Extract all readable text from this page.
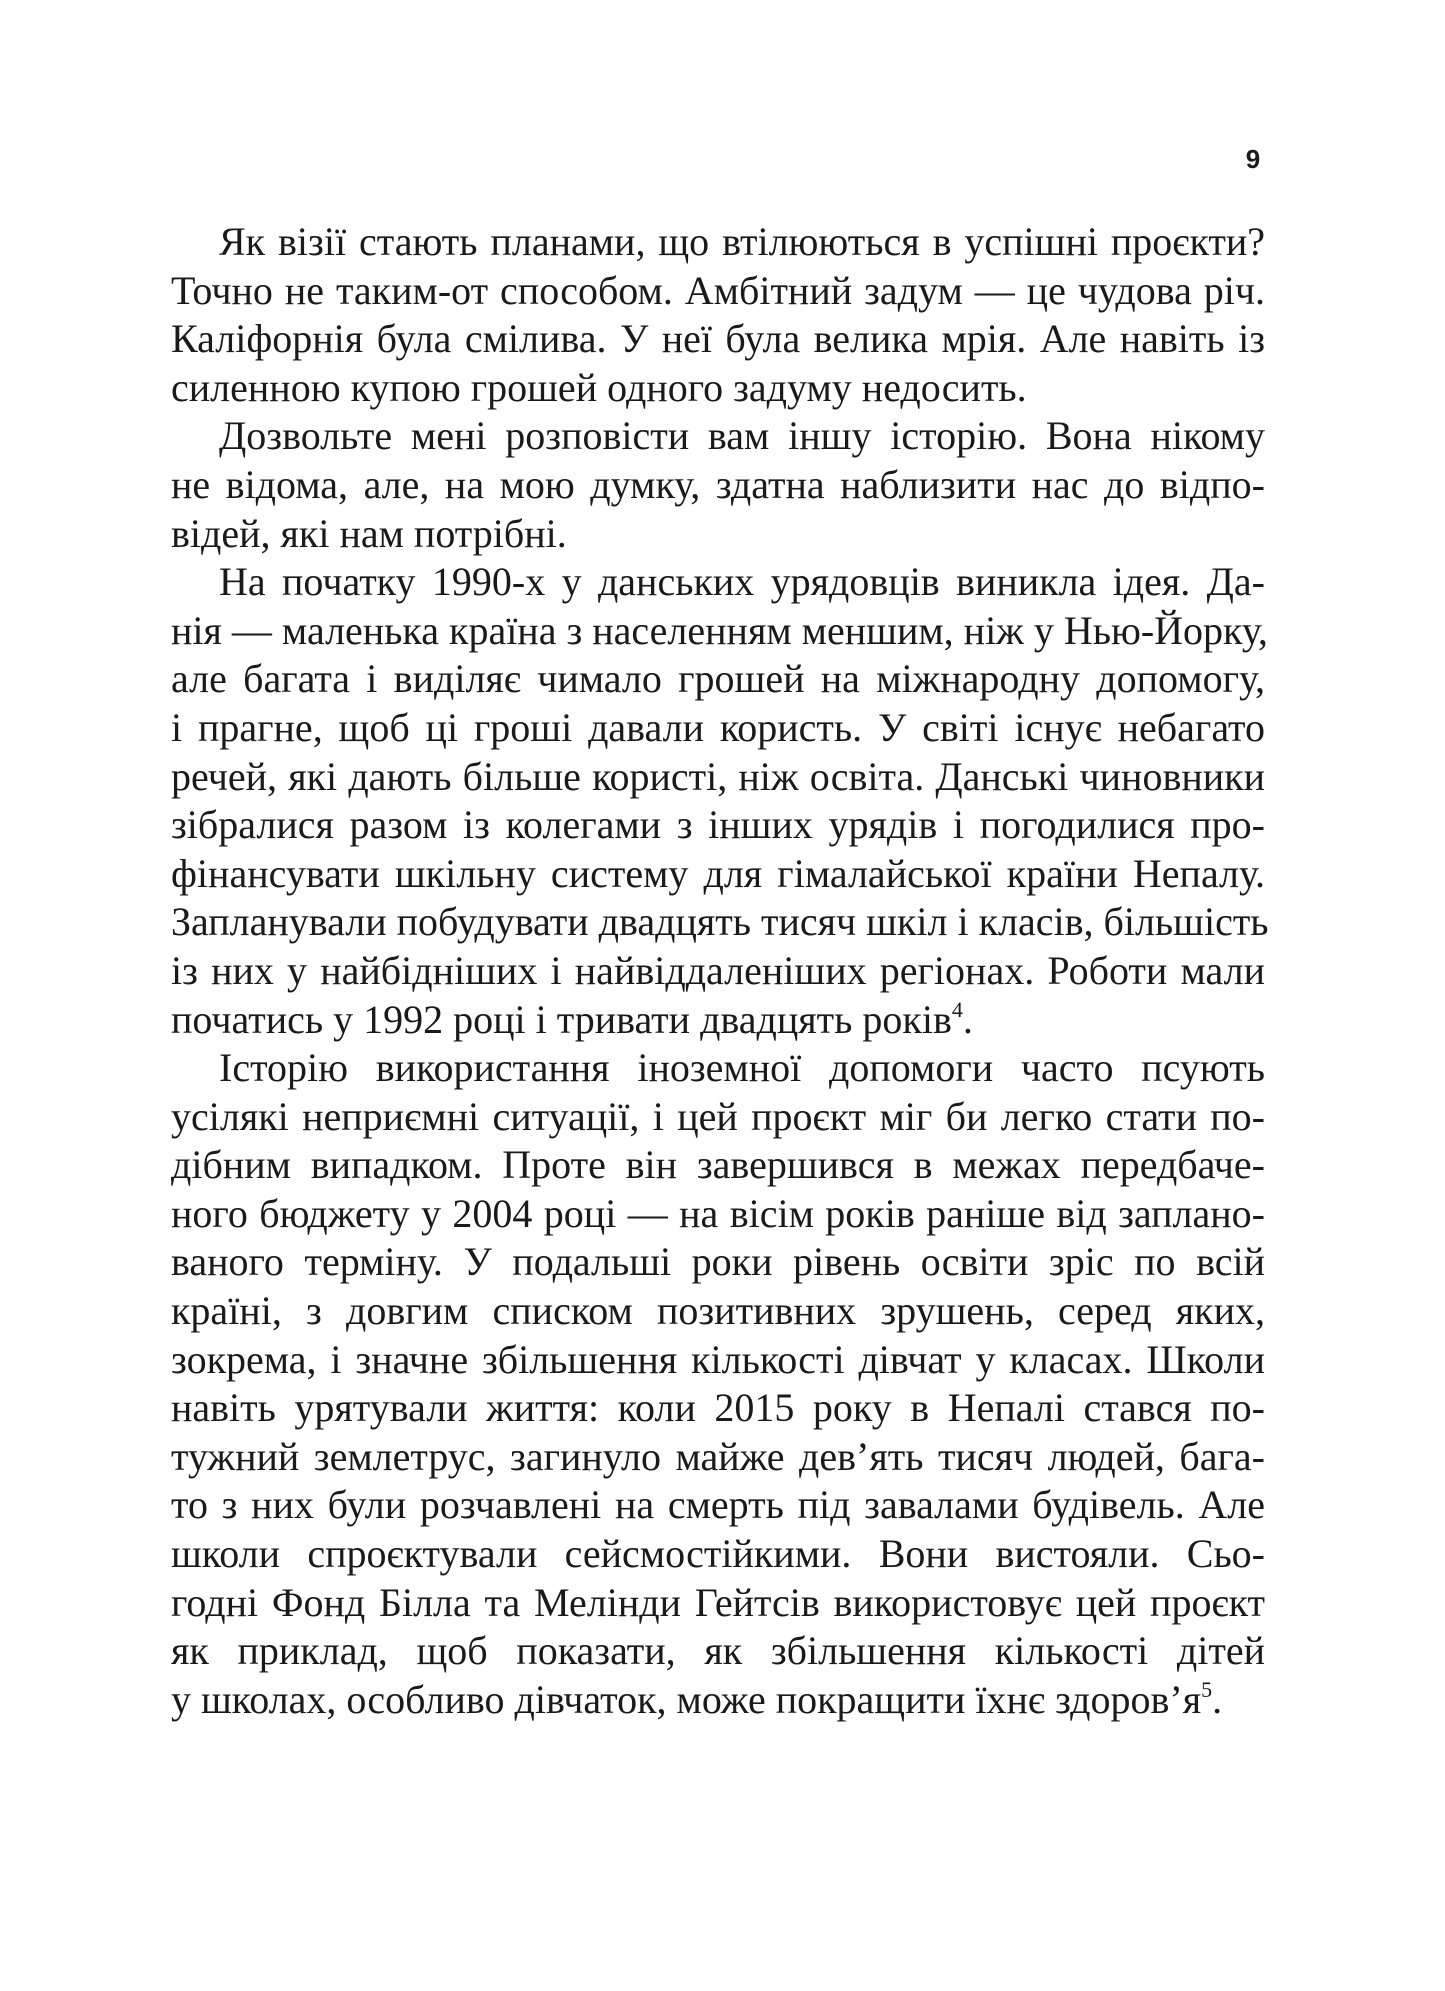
9

Як візії стають планами, що втілюються в успішні проєкти?
Точно не таким-от способом. Амбітний задум — це чудова річ.
Каліфорнія була смілива. У неї була велика мрія. Але навіть із
силенною купою грошей одного задуму недосить.

Дозвольте мені розповісти вам іншу історію. Вона нікому
не відома, але, на мою думку, здатна наблизити нас до відпо-
відей, які нам потрібні.

На початку 1990-х у данських урядовців виникла ідея. Да-
нія — маленька країна з населенням меншим, ніж у Нью-Йорку,
але багата і виділяє чимало грошей на міжнародну допомогу,
і прагне, щоб ці гроші давали користь. У світі існує небагато
речей, які дають більше користі, ніж освіта. Данські чиновники
зібралися разом із колегами з інших урядів і погодилися про-
фінансувати шкільну систему для гімалайської країни Непалу.
Запланували побудувати двадцять тисяч шкіл і класів, більшість
із них у найбідніших і найвіддаленіших регіонах. Роботи мали
початись у 1992 році і тривати двадцять років$^4$.

Історію використання іноземної допомоги часто псують
усілякі неприємні ситуації, і цей проєкт міг би легко стати по-
дібним випадком. Проте він завершився в межах передбаче-
ного бюджету у 2004 році — на вісім років раніше від заплано-
ваного терміну. У подальші роки рівень освіти зріс по всій
країні, з довгим списком позитивних зрушень, серед яких,
зокрема, і значне збільшення кількості дівчат у класах. Школи
навіть урятували життя: коли 2015 року в Непалі стався по-
тужний землетрус, загинуло майже дев’ять тисяч людей, бага-
то з них були розчавлені на смерть під завалами будівель. Але
школи спроєктували сейсмостійкими. Вони вистояли. Сьо-
годні Фонд Білла та Мелінди Гейтсів використовує цей проєкт
як приклад, щоб показати, як збільшення кількості дітей
у школах, особливо дівчаток, може покращити їхнє $здоров’я^5$.
